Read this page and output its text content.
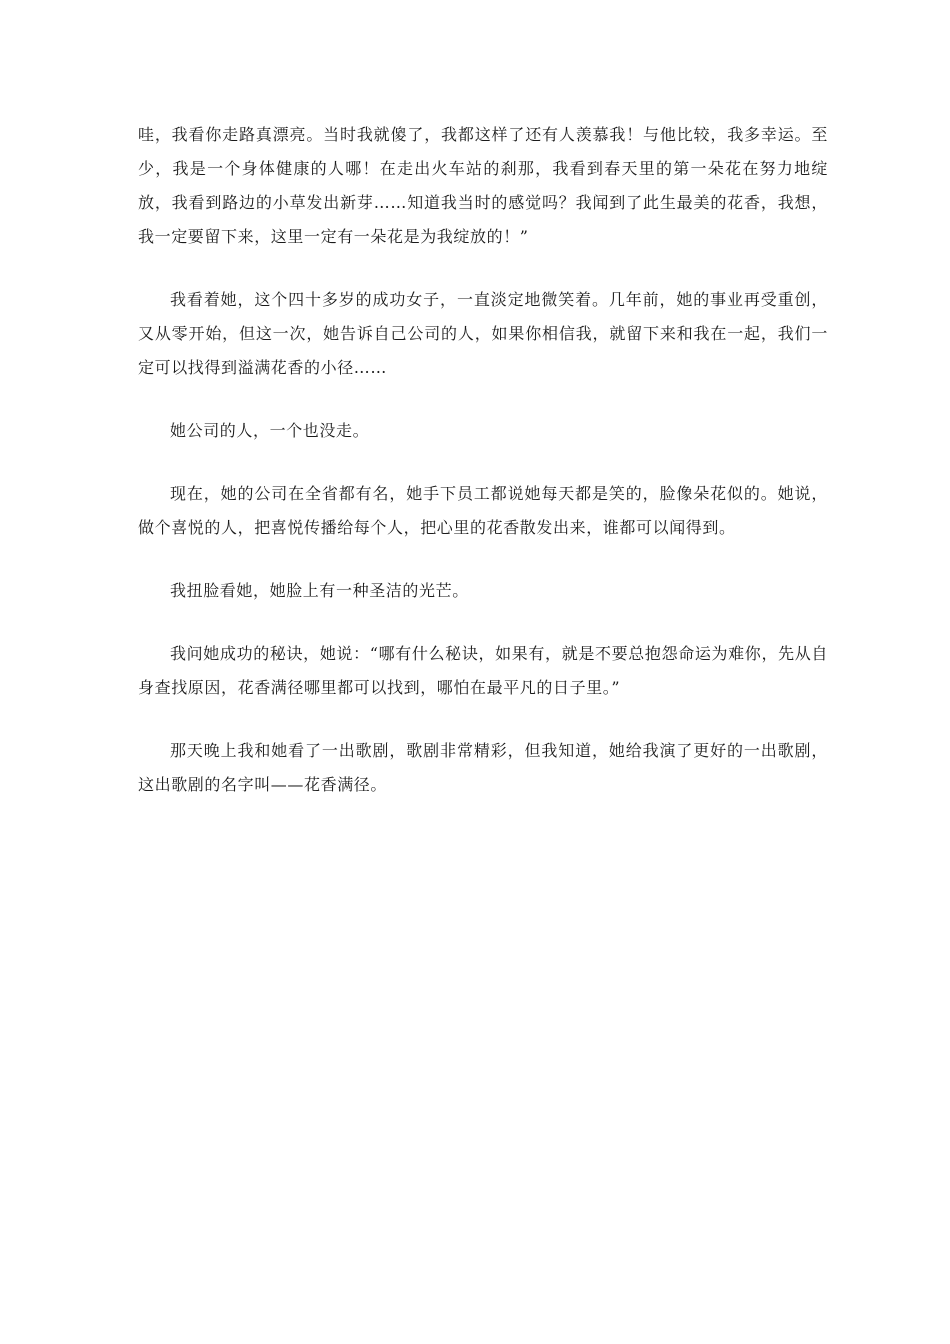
哇，我看你走路真漂亮。当时我就傻了，我都这样了还有人羡慕我！与他比较，我多幸运。至少，我是一个身体健康的人哪！在走出火车站的刹那，我看到春天里的第一朵花在努力地绽放，我看到路边的小草发出新芽……知道我当时的感觉吗？我闻到了此生最美的花香，我想，我一定要留下来，这里一定有一朵花是为我绽放的！”

我看着她，这个四十多岁的成功女子，一直淡定地微笑着。几年前，她的事业再受重创，又从零开始，但这一次，她告诉自己公司的人，如果你相信我，就留下来和我在一起，我们一定可以找得到溢满花香的小径……

她公司的人，一个也没走。

现在，她的公司在全省都有名，她手下员工都说她每天都是笑的，脸像朵花似的。她说，做个喜悦的人，把喜悦传播给每个人，把心里的花香散发出来，谁都可以闻得到。

我扭脸看她，她脸上有一种圣洁的光芒。

我问她成功的秘诀，她说：“哪有什么秘诀，如果有，就是不要总抱怨命运为难你，先从自身查找原因，花香满径哪里都可以找到，哪怕在最平凡的日子里。”

那天晚上我和她看了一出歌剧，歌剧非常精彩，但我知道，她给我演了更好的一出歌剧，这出歌剧的名字叫——花香满径。
